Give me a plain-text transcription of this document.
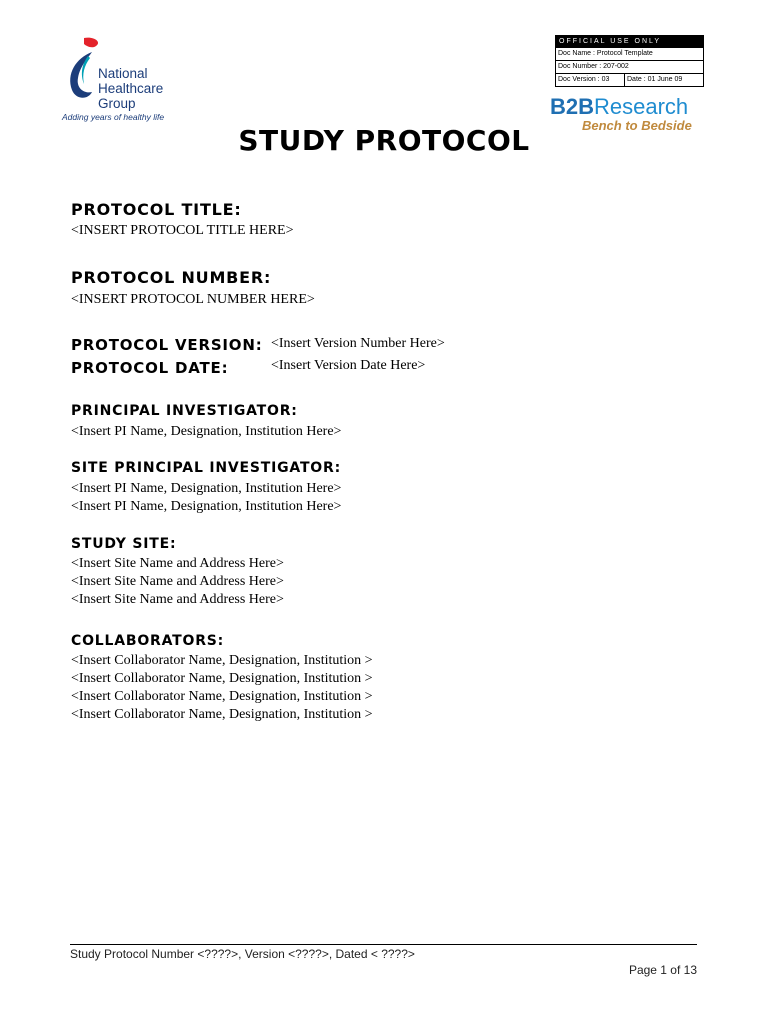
National
Healthcare
Group
Adding years of healthy life
OFFICIAL USE ONLY
Doc Name : Protocol Template
Doc Number : 207-002
Doc Version : 03	Date : 01 June 09
B2BResearch
Bench to Bedside
STUDY PROTOCOL
PROTOCOL TITLE:
<INSERT PROTOCOL TITLE HERE>
PROTOCOL NUMBER:
<INSERT PROTOCOL NUMBER HERE>
PROTOCOL VERSION: <Insert Version Number Here>
PROTOCOL DATE:	<Insert Version Date Here>
PRINCIPAL INVESTIGATOR:
<Insert PI Name, Designation, Institution Here>
SITE PRINCIPAL INVESTIGATOR:
<Insert PI Name, Designation, Institution Here>
<Insert PI Name, Designation, Institution Here>
STUDY SITE:
<Insert Site Name and Address Here>
<Insert Site Name and Address Here>
<Insert Site Name and Address Here>
COLLABORATORS:
<Insert Collaborator Name, Designation, Institution >
<Insert Collaborator Name, Designation, Institution >
<Insert Collaborator Name, Designation, Institution >
<Insert Collaborator Name, Designation, Institution >
Study Protocol Number <????>, Version <????>, Dated < ????>
Page 1 of 13
